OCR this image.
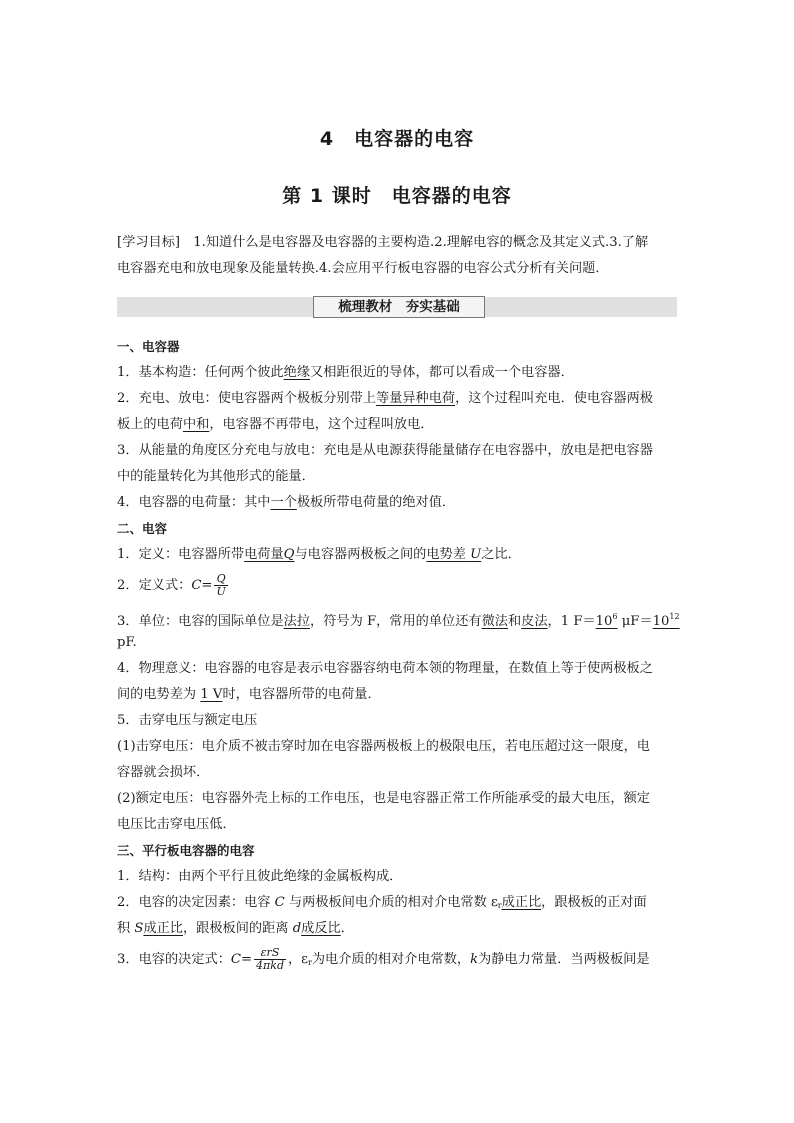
4　电容器的电容
第 1 课时　电容器的电容
[学习目标]　1.知道什么是电容器及电容器的主要构造.2.理解电容的概念及其定义式.3.了解
电容器充电和放电现象及能量转换.4.会应用平行板电容器的电容公式分析有关问题．
梳理教材　夯实基础
一、电容器
1．基本构造：任何两个彼此绝缘又相距很近的导体，都可以看成一个电容器．
2．充电、放电：使电容器两个极板分别带上等量异种电荷，这个过程叫充电．使电容器两极
板上的电荷中和，电容器不再带电，这个过程叫放电．
3．从能量的角度区分充电与放电：充电是从电源获得能量储存在电容器中，放电是把电容器
中的能量转化为其他形式的能量．
4．电容器的电荷量：其中一个极板所带电荷量的绝对值．
二、电容
1．定义：电容器所带电荷量Q与电容器两极板之间的电势差 U之比．
2．定义式：$C= \frac{Q}{U}$
3．单位：电容的国际单位是法拉，符号为 F，常用的单位还有微法和皮法，1 $F=10^6$ $\mu F=10^{12}$
pF.
4．物理意义：电容器的电容是表示电容器容纳电荷本领的物理量，在数值上等于使两极板之
间的电势差为 1 V时，电容器所带的电荷量．
5．击穿电压与额定电压
(1)击穿电压：电介质不被击穿时加在电容器两极板上的极限电压，若电压超过这一限度，电
容器就会损坏．
(2)额定电压：电容器外壳上标的工作电压，也是电容器正常工作所能承受的最大电压，额定
电压比击穿电压低．
三、平行板电容器的电容
1．结构：由两个平行且彼此绝缘的金属板构成．
2．电容的决定因素：电容 C 与两极板间电介质的相对介电常数 $\varepsilon_r$成正比，跟极板的正对面
积 S成正比，跟极板间的距离 d成反比．
3．电容的决定式：$C= \frac{\text{εrS}}{\text{4πkd}}$ ，$\varepsilon_r$为电介质的相对介电常数，k为静电力常量．当两极板间是
